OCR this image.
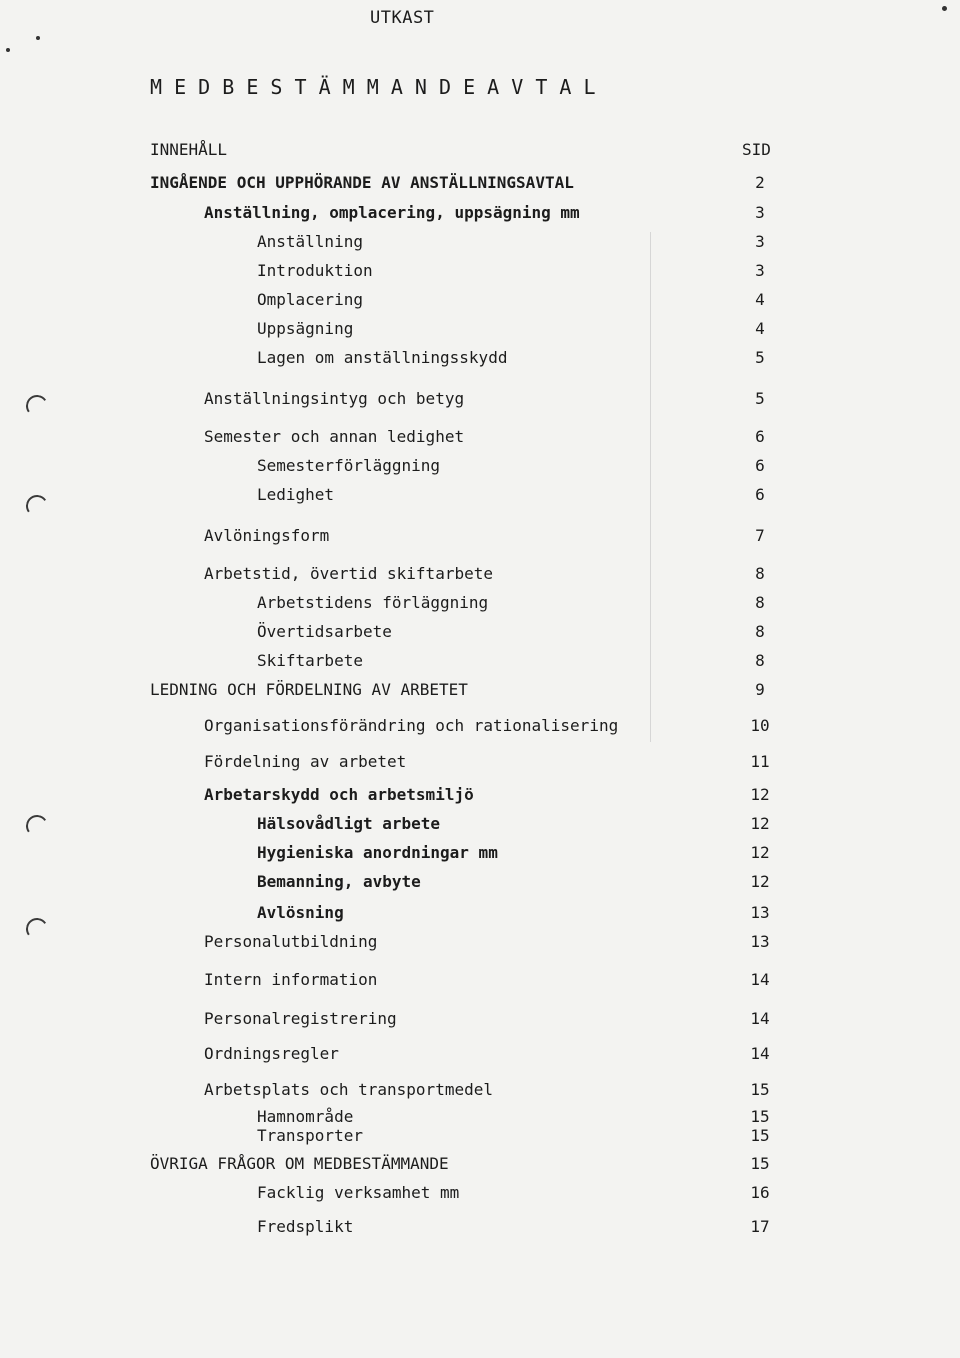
UTKAST
M E D B E S T Ä M M A N D E A V T A L
INNEHÅLL	SID
INGÅENDE OCH UPPHÖRANDE AV ANSTÄLLNINGSAVTAL	2
Anställning, omplacering, uppsägning mm	3
Anställning	3
Introduktion	3
Omplacering	4
Uppsägning	4
Lagen om anställningsskydd	5
Anställningsintyg och betyg	5
Semester och annan ledighet	6
Semesterförläggning	6
Ledighet	6
Avlöningsform	7
Arbetstid, övertid skiftarbete	8
Arbetstidens förläggning	8
Övertidsarbete	8
Skiftarbete	8
LEDNING OCH FÖRDELNING AV ARBETET	9
Organisationsförändring och rationalisering	10
Fördelning av arbetet	11
Arbetarskydd och arbetsmiljö	12
Hälsovådligt arbete	12
Hygieniska anordningar mm	12
Bemanning, avbyte	12
Avlösning	13
Personalutbildning	13
Intern information	14
Personalregistrering	14
Ordningsregler	14
Arbetsplats och transportmedel	15
Hamnområde	15
Transporter	15
ÖVRIGA FRÅGOR OM MEDBESTÄMMANDE	15
Facklig verksamhet mm	16
Fredsplikt	17
